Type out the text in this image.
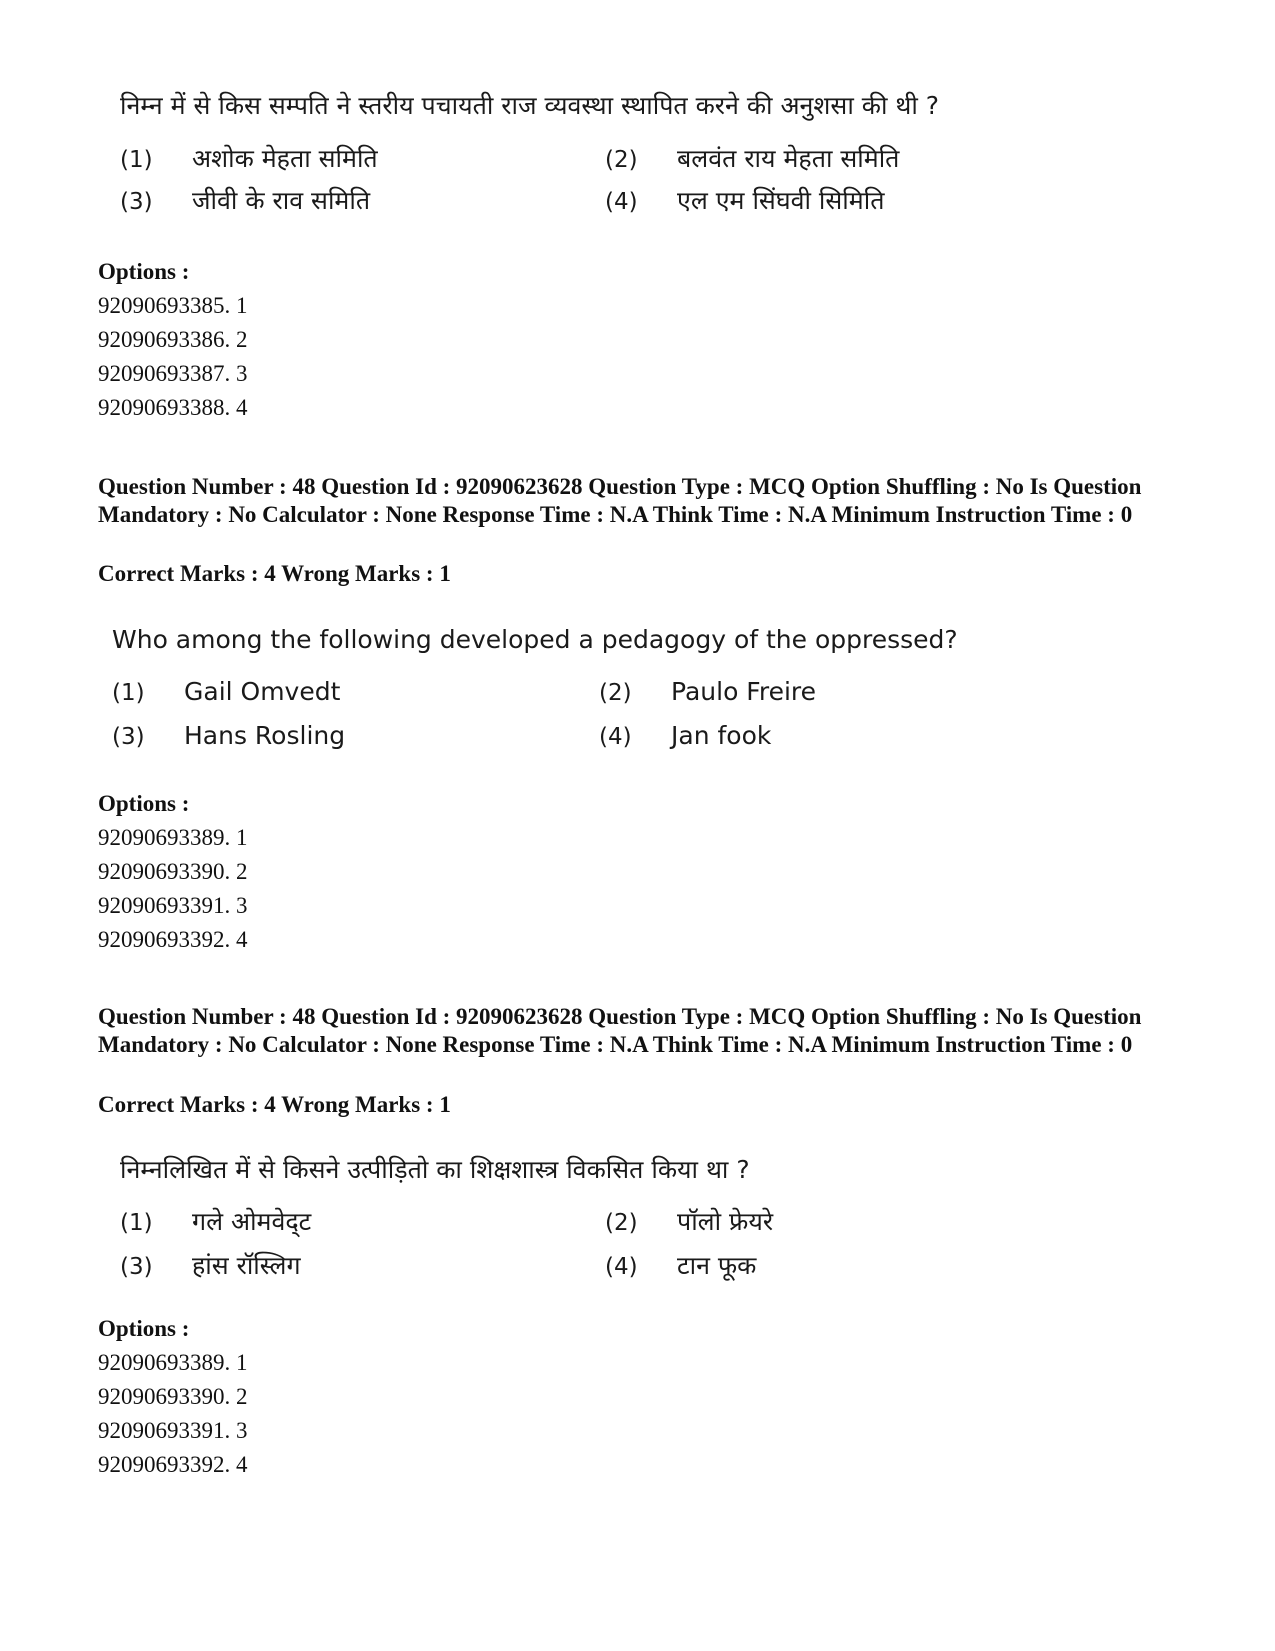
निम्न में से किस सम्पति ने स्तरीय पचायती राज व्यवस्था स्थापित करने की अनुशसा की थी ?
(1) अशोक मेहता समिति	(2) बलवंत राय मेहता समिति
(3) जीवी के राव समिति	(4) एल एम सिंघवी सिमिति
Options :
92090693385. 1
92090693386. 2
92090693387. 3
92090693388. 4
Question Number : 48 Question Id : 92090623628 Question Type : MCQ Option Shuffling : No Is Question Mandatory : No Calculator : None Response Time : N.A Think Time : N.A Minimum Instruction Time : 0
Correct Marks : 4 Wrong Marks : 1
Who among the following developed a pedagogy of the oppressed?
(1) Gail Omvedt	(2) Paulo Freire
(3) Hans Rosling	(4) Jan fook
Options :
92090693389. 1
92090693390. 2
92090693391. 3
92090693392. 4
Question Number : 48 Question Id : 92090623628 Question Type : MCQ Option Shuffling : No Is Question Mandatory : No Calculator : None Response Time : N.A Think Time : N.A Minimum Instruction Time : 0
Correct Marks : 4 Wrong Marks : 1
निम्नलिखित में से किसने उत्पीड़ितो का शिक्षशास्त्र विकसित किया था ?
(1) गले ओमवेद्ट	(2) पॉलो फ्रेयरे
(3) हांस रॉस्लिग	(4) टान फूक
Options :
92090693389. 1
92090693390. 2
92090693391. 3
92090693392. 4
